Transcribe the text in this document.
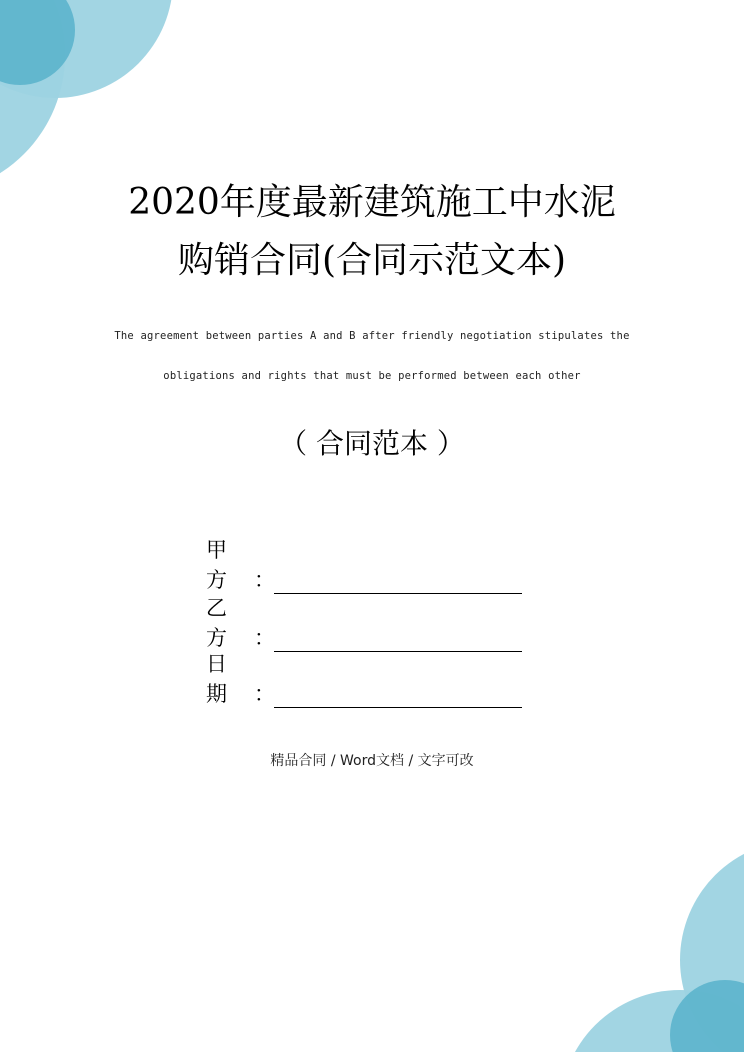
2020年度最新建筑施工中水泥
购销合同(合同示范文本)
The agreement between parties A and B after friendly negotiation stipulates the
obligations and rights that must be performed between each other
（ 合同范本 ）
甲 方	：
乙 方	：
日 期	：
精品合同 / Word文档 / 文字可改
